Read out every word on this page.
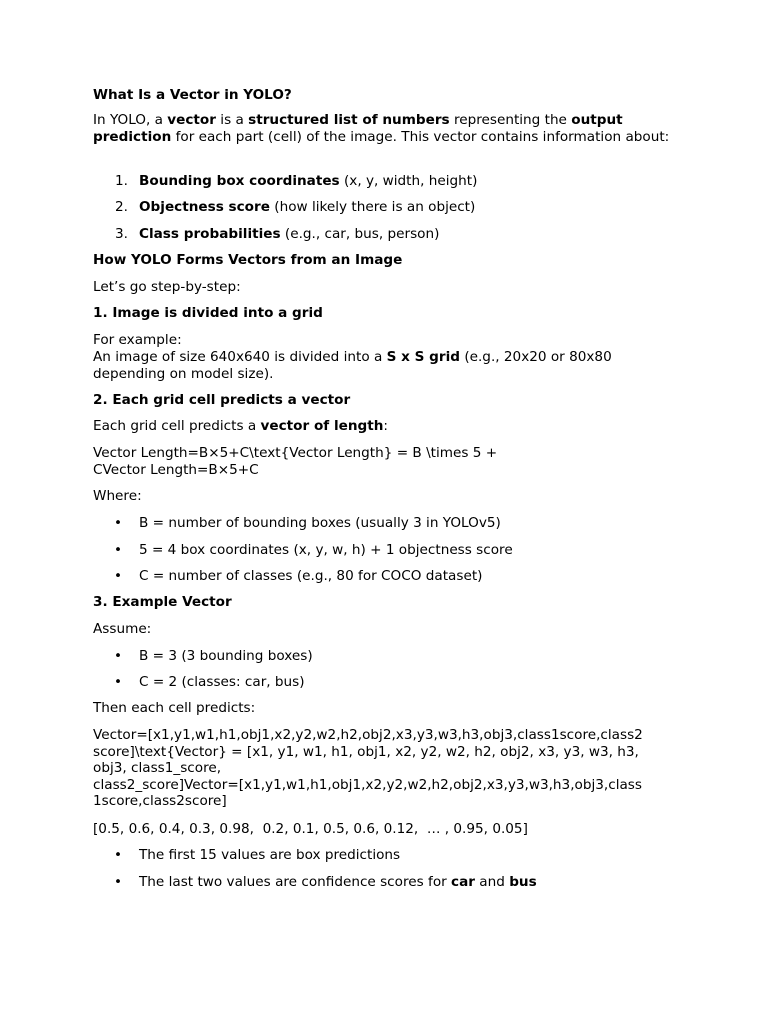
What Is a Vector in YOLO?

In YOLO, a vector is a structured list of numbers representing the output prediction for each part (cell) of the image. This vector contains information about:

1. Bounding box coordinates (x, y, width, height)

2. Objectness score (how likely there is an object)

3. Class probabilities (e.g., car, bus, person)

How YOLO Forms Vectors from an Image

Let’s go step-by-step:

1. Image is divided into a grid

For example:

An image of size 640x640 is divided into a S x S grid (e.g., 20x20 or 80x80 depending on model size).

2. Each grid cell predicts a vector

Each grid cell predicts a vector of length:

Vector Length=B×5+C\text{Vector Length} = B \times 5 + CVector Length=B×5+C

Where:

• B = number of bounding boxes (usually 3 in YOLOv5)

• 5 = 4 box coordinates (x, y, w, h) + 1 objectness score

• C = number of classes (e.g., 80 for COCO dataset)

3. Example Vector

Assume:

• B = 3 (3 bounding boxes)

• C = 2 (classes: car, bus)

Then each cell predicts:

Vector=[x1,y1,w1,h1,obj1,x2,y2,w2,h2,obj2,x3,y3,w3,h3,obj3,class1score,class2
score]\text{Vector} = [x1, y1, w1, h1, obj1, x2, y2, w2, h2, obj2, x3, y3, w3, h3,
obj3, class1_score,
class2_score]Vector=[x1,y1,w1,h1,obj1,x2,y2,w2,h2,obj2,x3,y3,w3,h3,obj3,class
1score,class2score]

[0.5, 0.6, 0.4, 0.3, 0.98,  0.2, 0.1, 0.5, 0.6, 0.12,  … , 0.95, 0.05]

• The first 15 values are box predictions

• The last two values are confidence scores for car and bus
